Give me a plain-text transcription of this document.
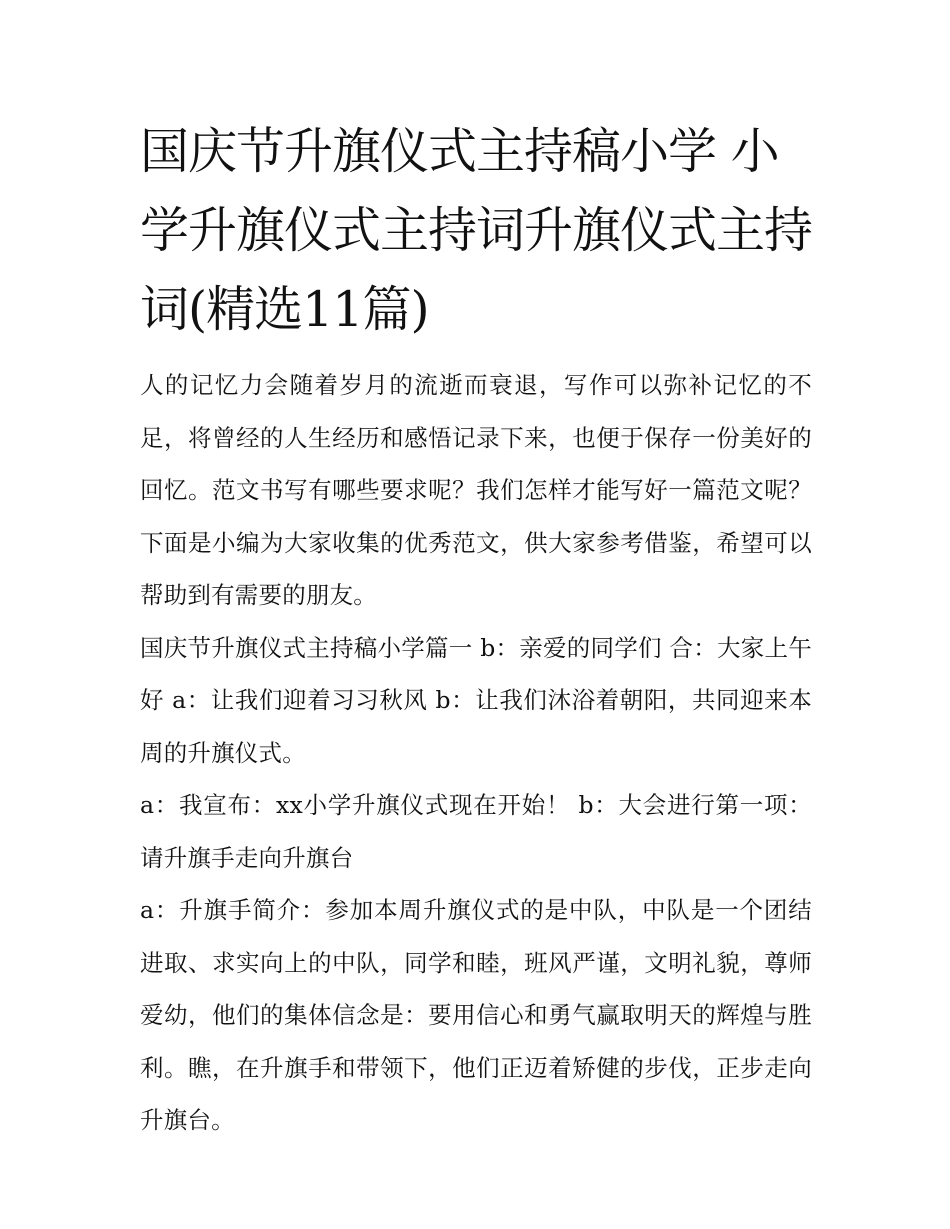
国庆节升旗仪式主持稿小学 小学升旗仪式主持词升旗仪式主持词(精选11篇)

人的记忆力会随着岁月的流逝而衰退，写作可以弥补记忆的不足，将曾经的人生经历和感悟记录下来，也便于保存一份美好的回忆。范文书写有哪些要求呢？我们怎样才能写好一篇范文呢？下面是小编为大家收集的优秀范文，供大家参考借鉴，希望可以帮助到有需要的朋友。

国庆节升旗仪式主持稿小学篇一 b：亲爱的同学们 合：大家上午好 a：让我们迎着习习秋风 b：让我们沐浴着朝阳，共同迎来本周的升旗仪式。

a：我宣布：xx小学升旗仪式现在开始！ b：大会进行第一项：请升旗手走向升旗台

a：升旗手简介：参加本周升旗仪式的是中队，中队是一个团结进取、求实向上的中队，同学和睦，班风严谨，文明礼貌，尊师爱幼，他们的集体信念是：要用信心和勇气赢取明天的辉煌与胜利。瞧，在升旗手和带领下，他们正迈着矫健的步伐，正步走向升旗台。
